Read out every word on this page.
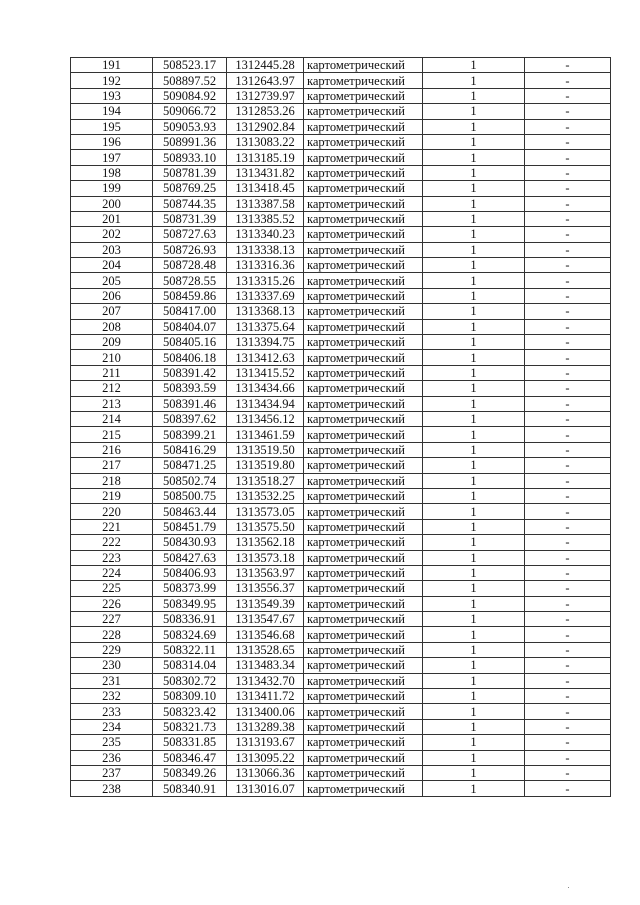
191	508523.17	1312445.28	картометрический	1	-
192	508897.52	1312643.97	картометрический	1	-
193	509084.92	1312739.97	картометрический	1	-
194	509066.72	1312853.26	картометрический	1	-
195	509053.93	1312902.84	картометрический	1	-
196	508991.36	1313083.22	картометрический	1	-
197	508933.10	1313185.19	картометрический	1	-
198	508781.39	1313431.82	картометрический	1	-
199	508769.25	1313418.45	картометрический	1	-
200	508744.35	1313387.58	картометрический	1	-
201	508731.39	1313385.52	картометрический	1	-
202	508727.63	1313340.23	картометрический	1	-
203	508726.93	1313338.13	картометрический	1	-
204	508728.48	1313316.36	картометрический	1	-
205	508728.55	1313315.26	картометрический	1	-
206	508459.86	1313337.69	картометрический	1	-
207	508417.00	1313368.13	картометрический	1	-
208	508404.07	1313375.64	картометрический	1	-
209	508405.16	1313394.75	картометрический	1	-
210	508406.18	1313412.63	картометрический	1	-
211	508391.42	1313415.52	картометрический	1	-
212	508393.59	1313434.66	картометрический	1	-
213	508391.46	1313434.94	картометрический	1	-
214	508397.62	1313456.12	картометрический	1	-
215	508399.21	1313461.59	картометрический	1	-
216	508416.29	1313519.50	картометрический	1	-
217	508471.25	1313519.80	картометрический	1	-
218	508502.74	1313518.27	картометрический	1	-
219	508500.75	1313532.25	картометрический	1	-
220	508463.44	1313573.05	картометрический	1	-
221	508451.79	1313575.50	картометрический	1	-
222	508430.93	1313562.18	картометрический	1	-
223	508427.63	1313573.18	картометрический	1	-
224	508406.93	1313563.97	картометрический	1	-
225	508373.99	1313556.37	картометрический	1	-
226	508349.95	1313549.39	картометрический	1	-
227	508336.91	1313547.67	картометрический	1	-
228	508324.69	1313546.68	картометрический	1	-
229	508322.11	1313528.65	картометрический	1	-
230	508314.04	1313483.34	картометрический	1	-
231	508302.72	1313432.70	картометрический	1	-
232	508309.10	1313411.72	картометрический	1	-
233	508323.42	1313400.06	картометрический	1	-
234	508321.73	1313289.38	картометрический	1	-
235	508331.85	1313193.67	картометрический	1	-
236	508346.47	1313095.22	картометрический	1	-
237	508349.26	1313066.36	картометрический	1	-
238	508340.91	1313016.07	картометрический	1	-
